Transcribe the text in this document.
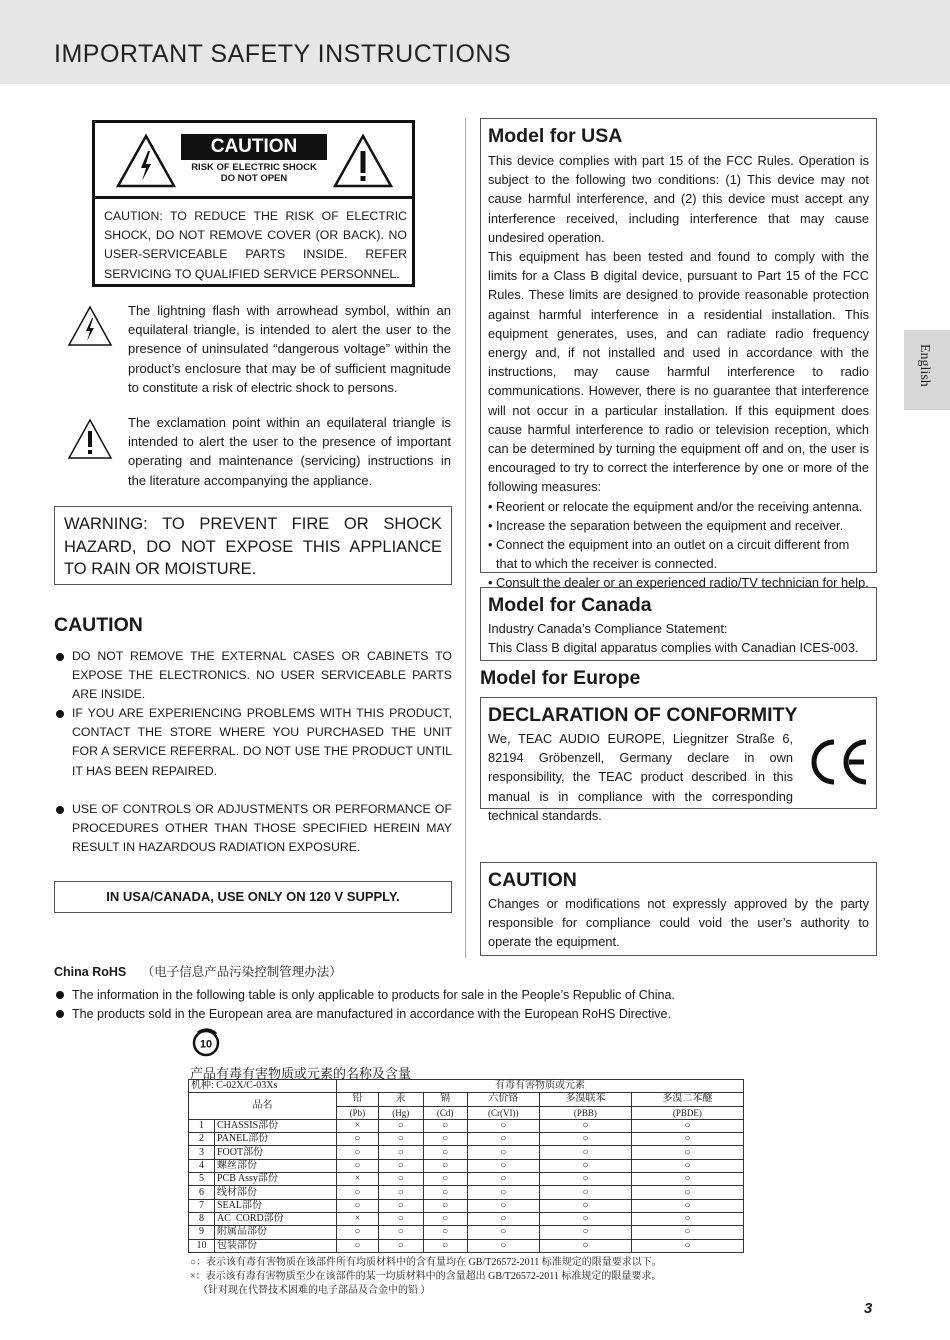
IMPORTANT SAFETY INSTRUCTIONS
English
CAUTION
RISK OF ELECTRIC SHOCK
DO NOT OPEN
CAUTION: TO REDUCE THE RISK OF ELECTRIC SHOCK, DO NOT REMOVE COVER (OR BACK). NO USER-SERVICEABLE PARTS INSIDE. REFER SERVICING TO QUALIFIED SERVICE PERSONNEL.
The lightning flash with arrowhead symbol, within an equilateral triangle, is intended to alert the user to the presence of uninsulated “dangerous voltage” within the product’s enclosure that may be of sufficient magnitude to constitute a risk of electric shock to persons.
The exclamation point within an equilateral triangle is intended to alert the user to the presence of important operating and maintenance (servicing) instructions in the literature accompanying the appliance.
WARNING: TO PREVENT FIRE OR SHOCK HAZARD, DO NOT EXPOSE THIS APPLIANCE TO RAIN OR MOISTURE.
CAUTION
DO NOT REMOVE THE EXTERNAL CASES OR CABINETS TO EXPOSE THE ELECTRONICS. NO USER SERVICEABLE PARTS ARE INSIDE.
IF YOU ARE EXPERIENCING PROBLEMS WITH THIS PRODUCT, CONTACT THE STORE WHERE YOU PURCHASED THE UNIT FOR A SERVICE REFERRAL. DO NOT USE THE PRODUCT UNTIL IT HAS BEEN REPAIRED.
USE OF CONTROLS OR ADJUSTMENTS OR PERFORMANCE OF PROCEDURES OTHER THAN THOSE SPECIFIED HEREIN MAY RESULT IN HAZARDOUS RADIATION EXPOSURE.
IN USA/CANADA, USE ONLY ON 120 V SUPPLY.
Model for USA
This device complies with part 15 of the FCC Rules. Operation is subject to the following two conditions: (1) This device may not cause harmful interference, and (2) this device must accept any interference received, including interference that may cause undesired operation.
This equipment has been tested and found to comply with the limits for a Class B digital device, pursuant to Part 15 of the FCC Rules. These limits are designed to provide reasonable protection against harmful interference in a residential installation. This equipment generates, uses, and can radiate radio frequency energy and, if not installed and used in accordance with the instructions, may cause harmful interference to radio communications. However, there is no guarantee that interference will not occur in a particular installation. If this equipment does cause harmful interference to radio or television reception, which can be determined by turning the equipment off and on, the user is encouraged to try to correct the interference by one or more of the following measures:
• Reorient or relocate the equipment and/or the receiving antenna.
• Increase the separation between the equipment and receiver.
• Connect the equipment into an outlet on a circuit different from that to which the receiver is connected.
• Consult the dealer or an experienced radio/TV technician for help.
Model for Canada
Industry Canada’s Compliance Statement:
This Class B digital apparatus complies with Canadian ICES-003.
Model for Europe
DECLARATION OF CONFORMITY
We, TEAC AUDIO EUROPE, Liegnitzer Straße 6, 82194 Gröbenzell, Germany declare in own responsibility, the TEAC product described in this manual is in compliance with the corresponding technical standards.
CAUTION
Changes or modifications not expressly approved by the party responsible for compliance could void the user’s authority to operate the equipment.
China RoHS （电子信息产品污染控制管理办法）
The information in the following table is only applicable to products for sale in the People’s Republic of China.
The products sold in the European area are manufactured in accordance with the European RoHS Directive.
10
产品有毒有害物质或元素的名称及含量
机种: C-02X/C-03Xs		有毒有害物质或元素					
品名		铅	汞	镉	六价铬	多溴联苯	多溴二苯醚
		(Pb)	(Hg)	(Cd)	(Cr(VI))	(PBB)	(PBDE)
1	CHASSIS部份	×	○	○	○	○	○
2	PANEL部份	○	○	○	○	○	○
3	FOOT部份	○	○	○	○	○	○
4	螺丝部份	○	○	○	○	○	○
5	PCB Assy部份	×	○	○	○	○	○
6	线材部份	○	○	○	○	○	○
7	SEAL部份	○	○	○	○	○	○
8	AC  CORD部份	×	○	○	○	○	○
9	附属品部份	○	○	○	○	○	○
10	包装部份	○	○	○	○	○	○
○：表示该有毒有害物质在该部件所有均质材料中的含有量均在 GB/T26572-2011 标准规定的限量要求以下。
×：表示该有毒有害物质至少在该部件的某一均质材料中的含量超出 GB/T26572-2011 标准规定的限量要求。
（针对现在代替技术困难的电子部品及合金中的铅 ）
3
